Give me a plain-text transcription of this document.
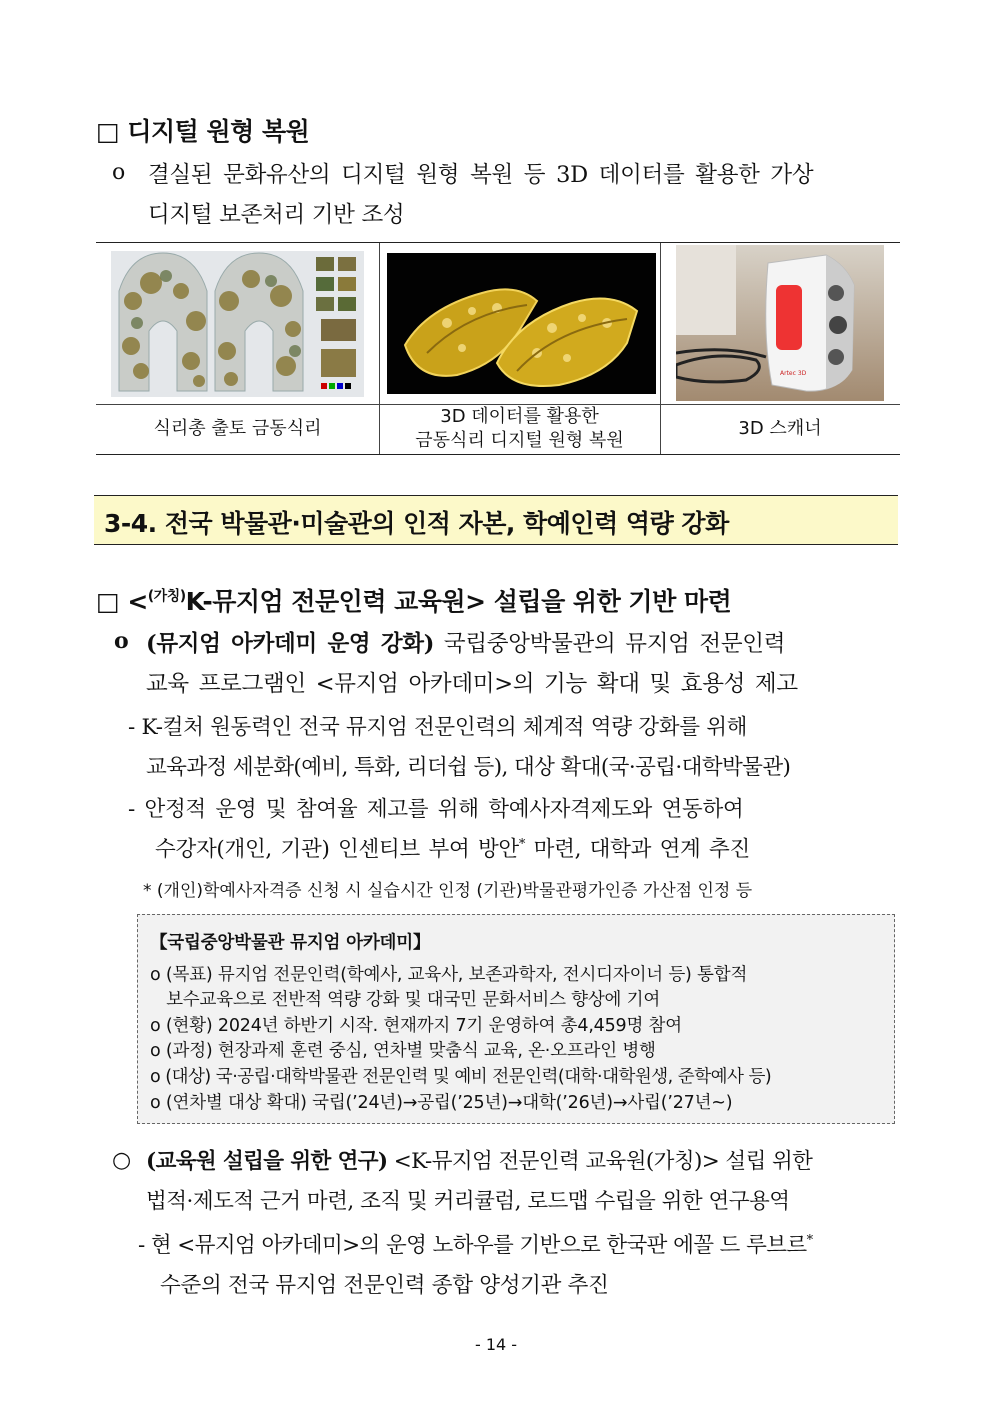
□ 디지털 원형 복원
o 결실된 문화유산의 디지털 원형 복원 등 3D 데이터를 활용한 가상
디지털 보존처리 기반 조성
Artec 3D
식리총 출토 금동식리
3D 데이터를 활용한
금동식리 디지털 원형 복원
3D 스캐너
3-4. 전국 박물관·미술관의 인적 자본, 학예인력 역량 강화
□ <$^{(가칭)}$K-뮤지엄 전문인력 교육원> 설립을 위한 기반 마련
o (뮤지엄 아카데미 운영 강화) 국립중앙박물관의 뮤지엄 전문인력
교육 프로그램인 <뮤지엄 아카데미>의 기능 확대 및 효용성 제고
- K-컬처 원동력인 전국 뮤지엄 전문인력의 체계적 역량 강화를 위해
교육과정 세분화(예비, 특화, 리더쉽 등), 대상 확대(국·공립·대학박물관)
- 안정적 운영 및 참여율 제고를 위해 학예사자격제도와 연동하여
수강자(개인, 기관) 인센티브 부여 방안* 마련, 대학과 연계 추진
* (개인)학예사자격증 신청 시 실습시간 인정 (기관)박물관평가인증 가산점 인정 등
【국립중앙박물관 뮤지엄 아카데미】
o (목표) 뮤지엄 전문인력(학예사, 교육사, 보존과학자, 전시디자이너 등) 통합적
보수교육으로 전반적 역량 강화 및 대국민 문화서비스 향상에 기여
o (현황) 2024년 하반기 시작. 현재까지 7기 운영하여 총4,459명 참여
o (과정) 현장과제 훈련 중심, 연차별 맞춤식 교육, 온·오프라인 병행
o (대상) 국·공립·대학박물관 전문인력 및 예비 전문인력(대학·대학원생, 준학예사 등)
o (연차별 대상 확대) 국립(’24년)→공립(’25년)→대학(’26년)→사립(’27년~)
○ (교육원 설립을 위한 연구) <K-뮤지엄 전문인력 교육원(가칭)> 설립 위한
법적·제도적 근거 마련, 조직 및 커리큘럼, 로드맵 수립을 위한 연구용역
- 현 <뮤지엄 아카데미>의 운영 노하우를 기반으로 한국판 에꼴 드 루브르*
수준의 전국 뮤지엄 전문인력 종합 양성기관 추진
- 14 -
